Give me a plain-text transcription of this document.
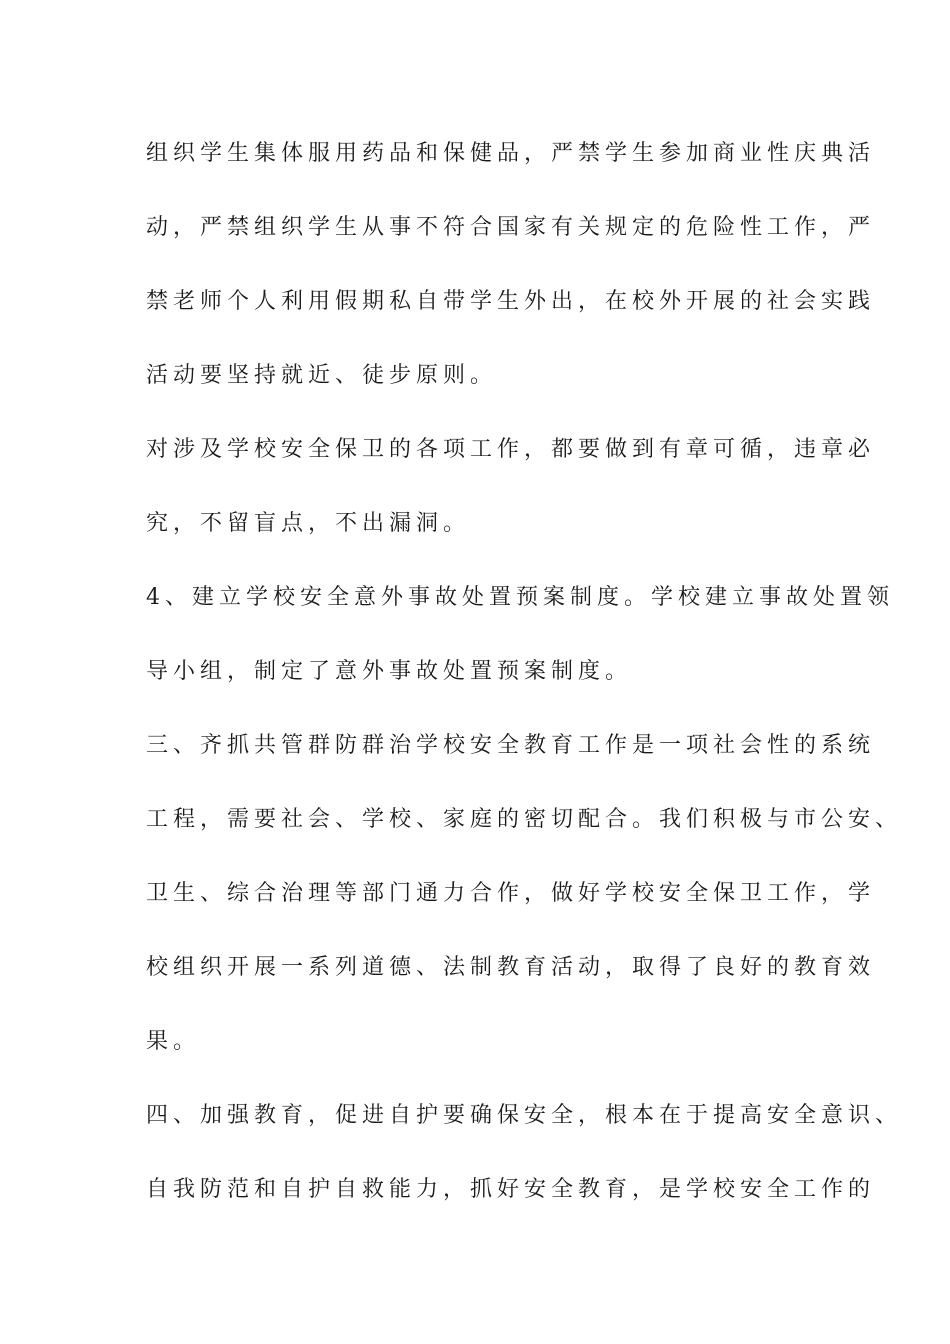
组织学生集体服用药品和保健品，严禁学生参加商业性庆典活
动，严禁组织学生从事不符合国家有关规定的危险性工作，严
禁老师个人利用假期私自带学生外出，在校外开展的社会实践
活动要坚持就近、徒步原则。
对涉及学校安全保卫的各项工作，都要做到有章可循，违章必
究，不留盲点，不出漏洞。
4、建立学校安全意外事故处置预案制度。学校建立事故处置领
导小组，制定了意外事故处置预案制度。
三、齐抓共管群防群治学校安全教育工作是一项社会性的系统
工程，需要社会、学校、家庭的密切配合。我们积极与市公安、
卫生、综合治理等部门通力合作，做好学校安全保卫工作，学
校组织开展一系列道德、法制教育活动，取得了良好的教育效
果。
四、加强教育，促进自护要确保安全，根本在于提高安全意识、
自我防范和自护自救能力，抓好安全教育，是学校安全工作的
